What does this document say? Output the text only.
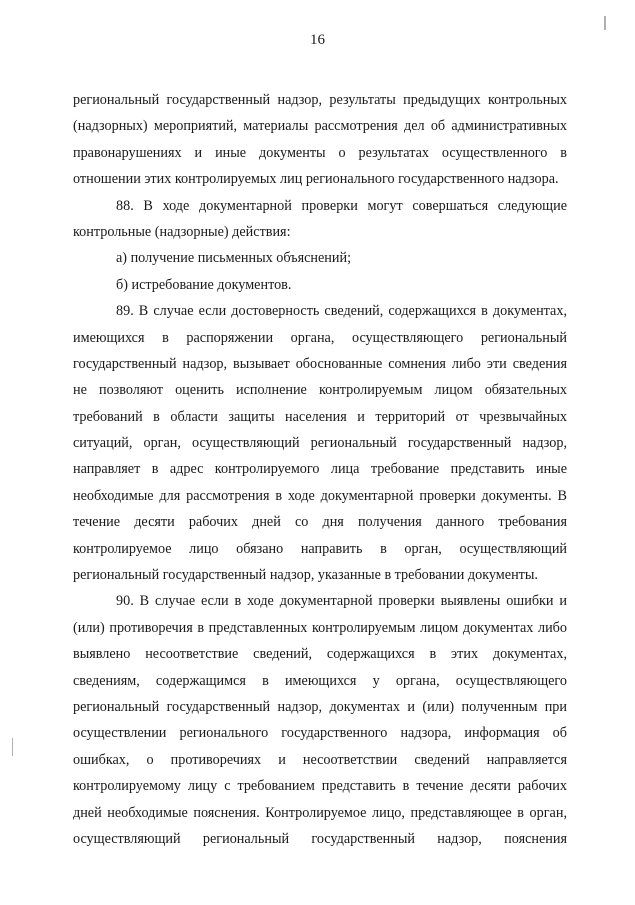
16
региональный государственный надзор, результаты предыдущих контрольных
(надзорных) мероприятий, материалы рассмотрения дел об административных
правонарушениях и иные документы о результатах осуществленного в
отношении этих контролируемых лиц регионального государственного надзора.
88. В ходе документарной проверки могут совершаться следующие
контрольные (надзорные) действия:
а) получение письменных объяснений;
б) истребование документов.
89. В случае если достоверность сведений, содержащихся в документах,
имеющихся в распоряжении органа, осуществляющего региональный
государственный надзор, вызывает обоснованные сомнения либо эти сведения
не позволяют оценить исполнение контролируемым лицом обязательных
требований в области защиты населения и территорий от чрезвычайных
ситуаций, орган, осуществляющий региональный государственный надзор,
направляет в адрес контролируемого лица требование представить иные
необходимые для рассмотрения в ходе документарной проверки документы. В
течение десяти рабочих дней со дня получения данного требования
контролируемое лицо обязано направить в орган, осуществляющий
региональный государственный надзор, указанные в требовании документы.
90. В случае если в ходе документарной проверки выявлены ошибки и
(или) противоречия в представленных контролируемым лицом документах либо
выявлено несоответствие сведений, содержащихся в этих документах,
сведениям, содержащимся в имеющихся у органа, осуществляющего
региональный государственный надзор, документах и (или) полученным при
осуществлении регионального государственного надзора, информация об
ошибках, о противоречиях и несоответствии сведений направляется
контролируемому лицу с требованием представить в течение десяти рабочих
дней необходимые пояснения. Контролируемое лицо, представляющее в орган,
осуществляющий региональный государственный надзор, пояснения
